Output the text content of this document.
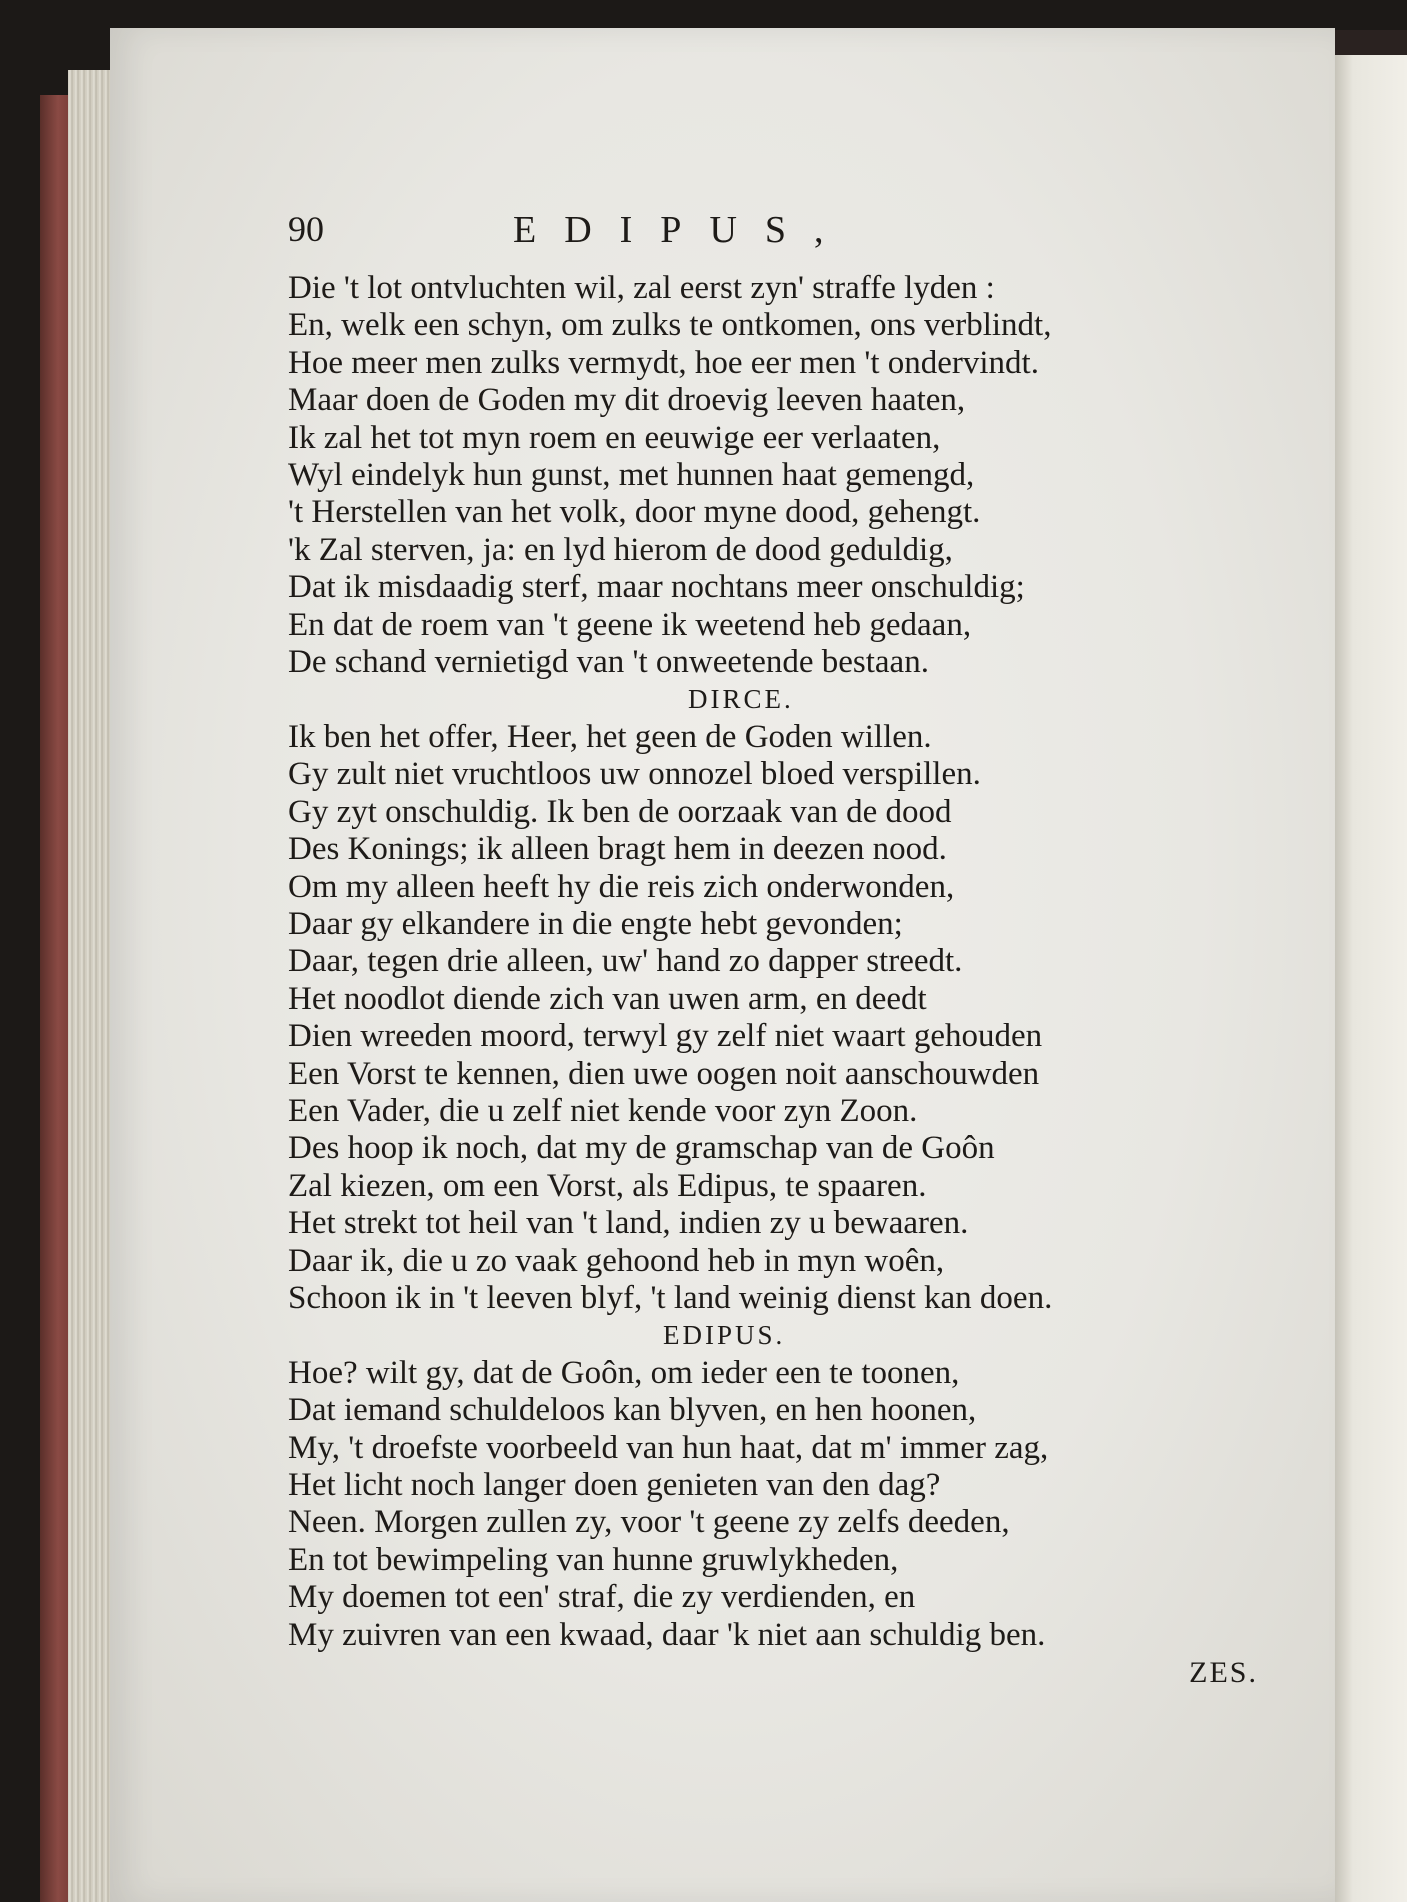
90	EDIPUS,
Die 't lot ontvluchten wil, zal eerst zyn' straffe lyden :
En, welk een schyn, om zulks te ontkomen, ons verblindt,
Hoe meer men zulks vermydt, hoe eer men 't ondervindt.
Maar doen de Goden my dit droevig leeven haaten,
Ik zal het tot myn roem en eeuwige eer verlaaten,
Wyl eindelyk hun gunst, met hunnen haat gemengd,
't Herstellen van het volk, door myne dood, gehengt.
'k Zal sterven, ja: en lyd hierom de dood geduldig,
Dat ik misdaadig sterf, maar nochtans meer onschuldig;
En dat de roem van 't geene ik weetend heb gedaan,
De schand vernietigd van 't onweetende bestaan.
DIRCE.
Ik ben het offer, Heer, het geen de Goden willen.
Gy zult niet vruchtloos uw onnozel bloed verspillen.
Gy zyt onschuldig. Ik ben de oorzaak van de dood
Des Konings; ik alleen bragt hem in deezen nood.
Om my alleen heeft hy die reis zich onderwonden,
Daar gy elkandere in die engte hebt gevonden;
Daar, tegen drie alleen, uw' hand zo dapper streedt.
Het noodlot diende zich van uwen arm, en deedt
Dien wreeden moord, terwyl gy zelf niet waart gehouden
Een Vorst te kennen, dien uwe oogen noit aanschouwden
Een Vader, die u zelf niet kende voor zyn Zoon.
Des hoop ik noch, dat my de gramschap van de Goôn
Zal kiezen, om een Vorst, als Edipus, te spaaren.
Het strekt tot heil van 't land, indien zy u bewaaren.
Daar ik, die u zo vaak gehoond heb in myn woên,
Schoon ik in 't leeven blyf, 't land weinig dienst kan doen.
EDIPUS.
Hoe? wilt gy, dat de Goôn, om ieder een te toonen,
Dat iemand schuldeloos kan blyven, en hen hoonen,
My, 't droefste voorbeeld van hun haat, dat m' immer zag,
Het licht noch langer doen genieten van den dag?
Neen. Morgen zullen zy, voor 't geene zy zelfs deeden,
En tot bewimpeling van hunne gruwlykheden,
My doemen tot een' straf, die zy verdienden, en
My zuivren van een kwaad, daar 'k niet aan schuldig ben.
ZES.
